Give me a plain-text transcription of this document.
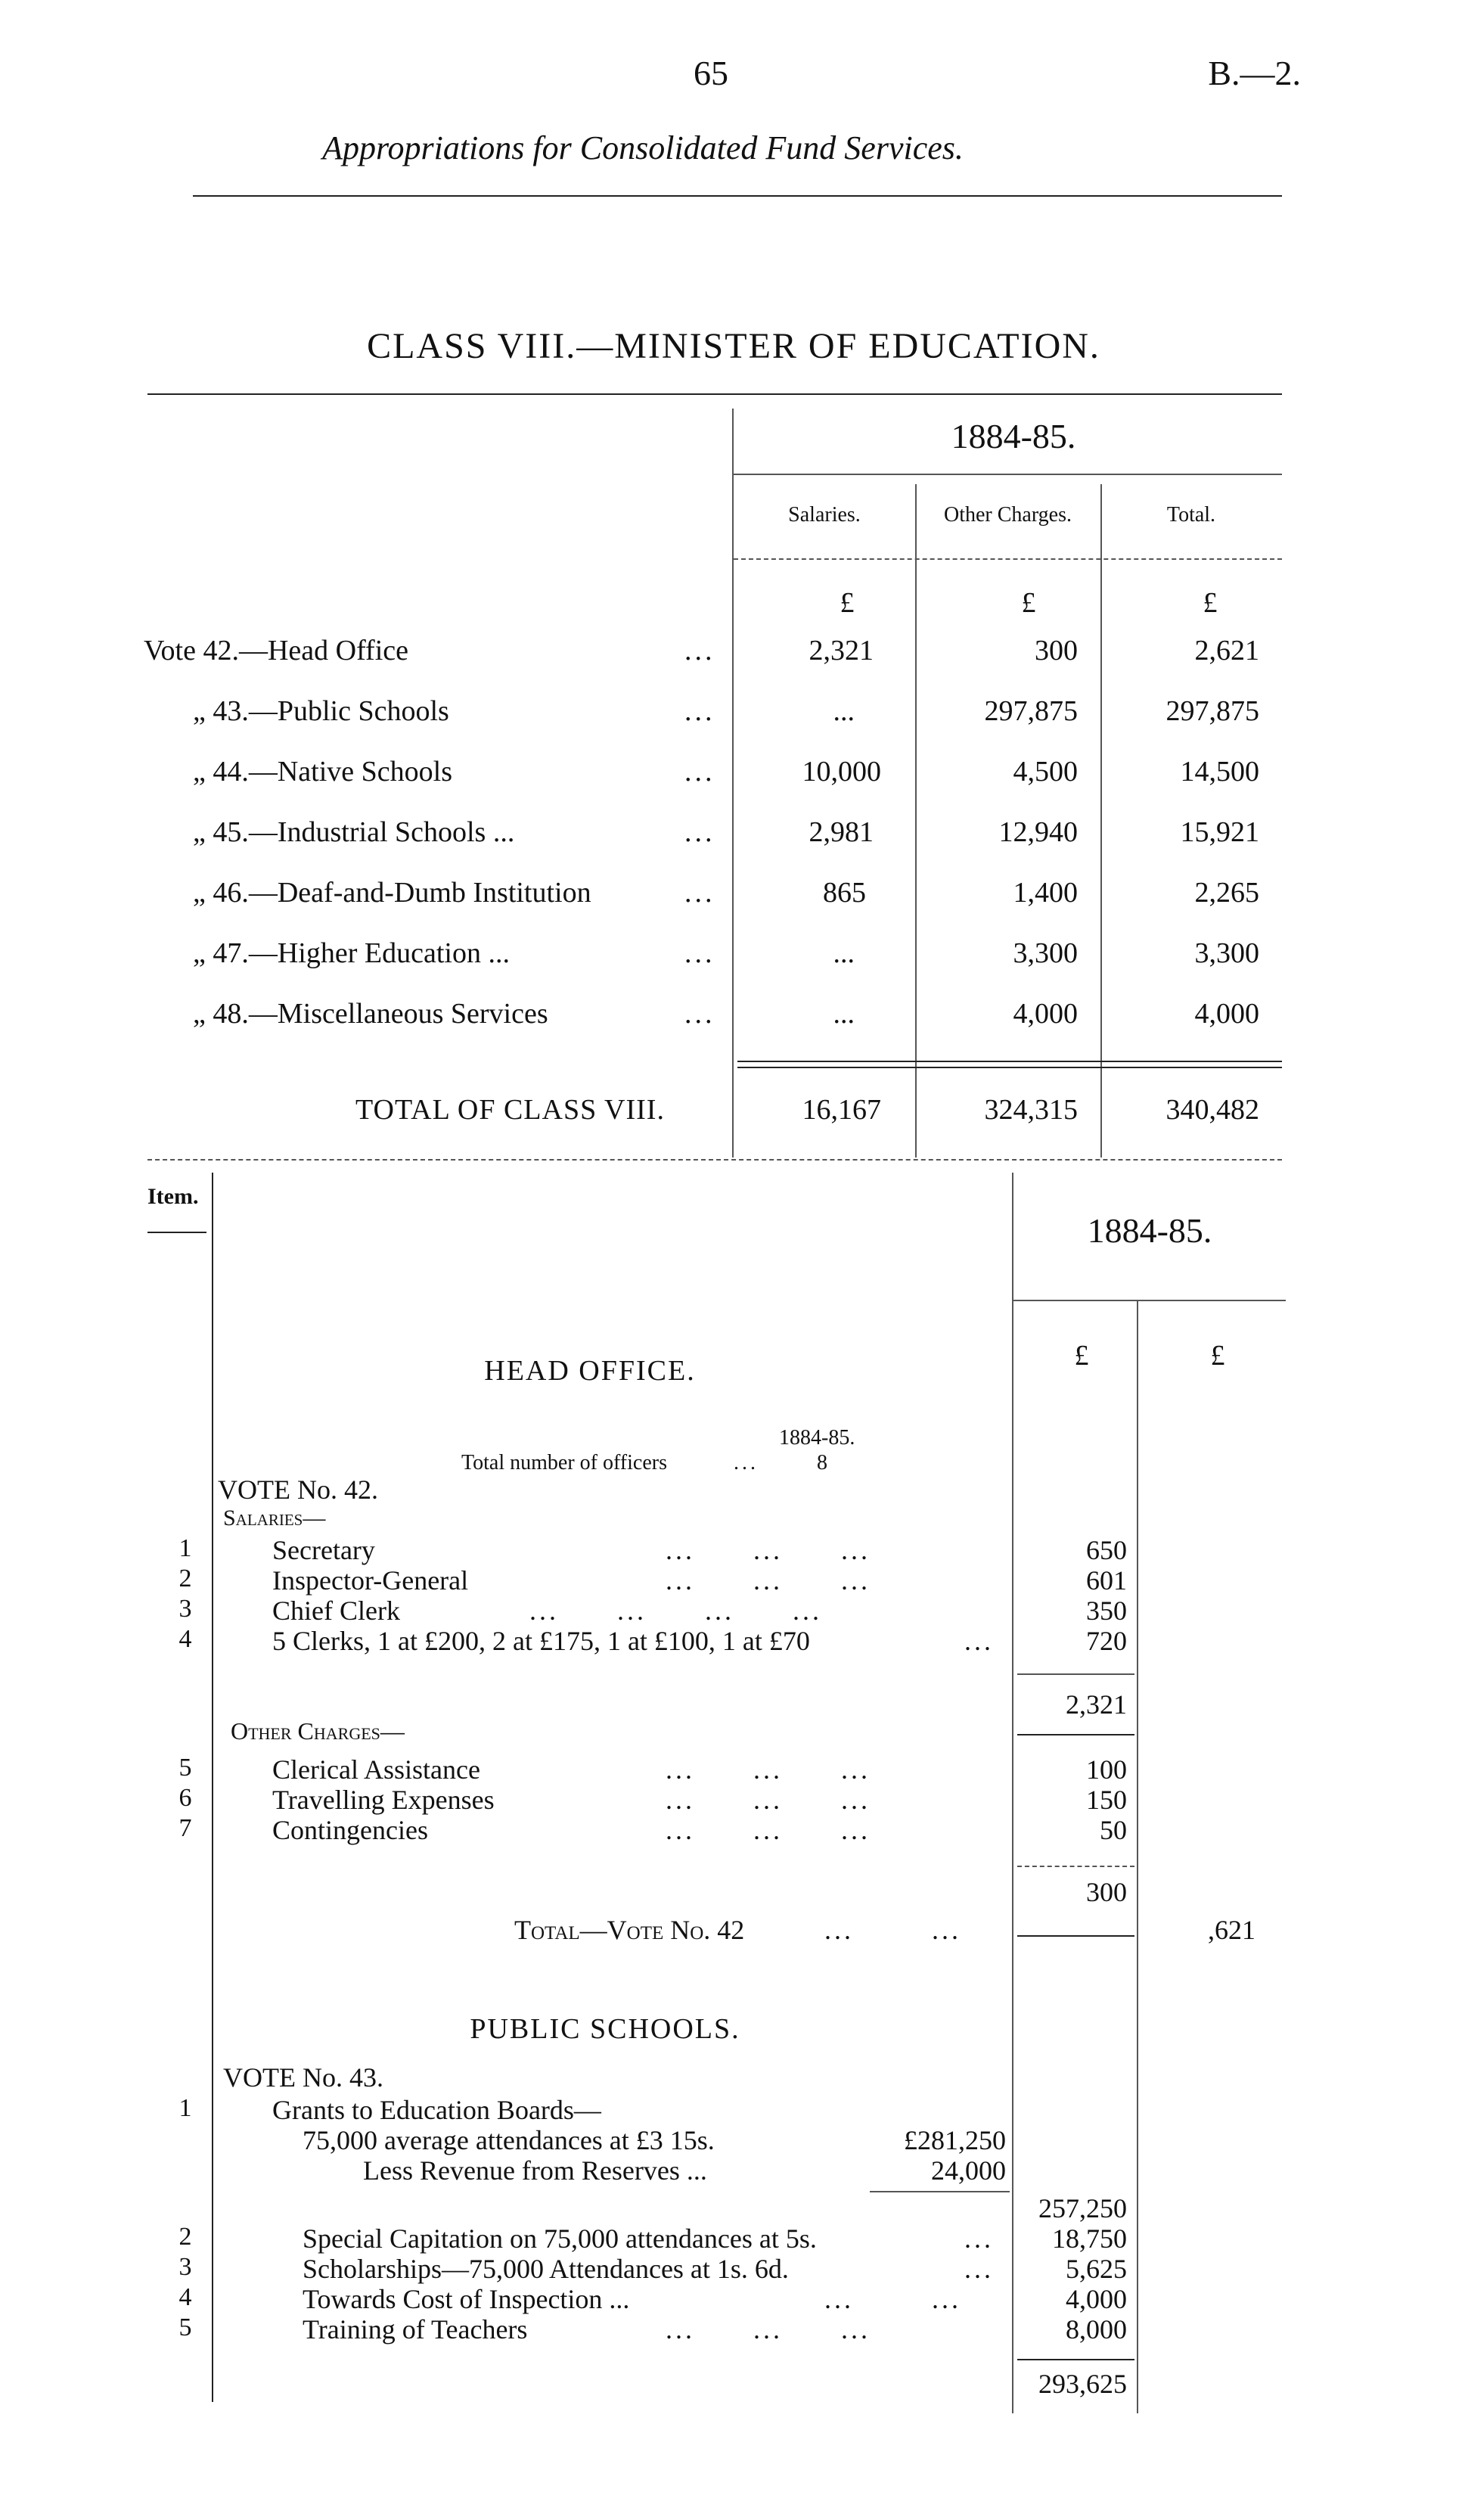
65	B.—2.
Appropriations for Consolidated Fund Services.
CLASS VIII.—MINISTER OF EDUCATION.
1884-85.
Salaries.	Other Charges.	Total.
£	£	£
Vote 42.—Head Office	...	2,321	300	2,621
„ 43.—Public Schools	...	...	297,875	297,875
„ 44.—Native Schools	...	10,000	4,500	14,500
„ 45.—Industrial Schools ...	...	2,981	12,940	15,921
„ 46.—Deaf-and-Dumb Institution	...	865	1,400	2,265
„ 47.—Higher Education ...	...	...	3,300	3,300
„ 48.—Miscellaneous Services	...	...	4,000	4,000
TOTAL OF CLASS VIII.	16,167	324,315	340,482
Item.
1884-85.
£	£
HEAD OFFICE.
1884-85.
Total number of officers	...	8
VOTE No. 42.
Salaries—
1	Secretary	... ... ...	650
2	Inspector-General	... ... ...	601
3	Chief Clerk	... ... ... ...	350
4	5 Clerks, 1 at £200, 2 at £175, 1 at £100, 1 at £70	...	720
2,321
Other Charges—
5	Clerical Assistance	... ... ...	100
6	Travelling Expenses	... ... ...	150
7	Contingencies	... ... ...	50
300
Total—Vote No. 42	... ...	,621
PUBLIC SCHOOLS.
VOTE No. 43.
1	Grants to Education Boards—
75,000 average attendances at £3 15s.	£281,250
Less Revenue from Reserves ...	24,000
257,250
2	Special Capitation on 75,000 attendances at 5s.	...	18,750
3	Scholarships—75,000 Attendances at 1s. 6d.	...	5,625
4	Towards Cost of Inspection ...	... ...	4,000
5	Training of Teachers	... ... ...	8,000
293,625
